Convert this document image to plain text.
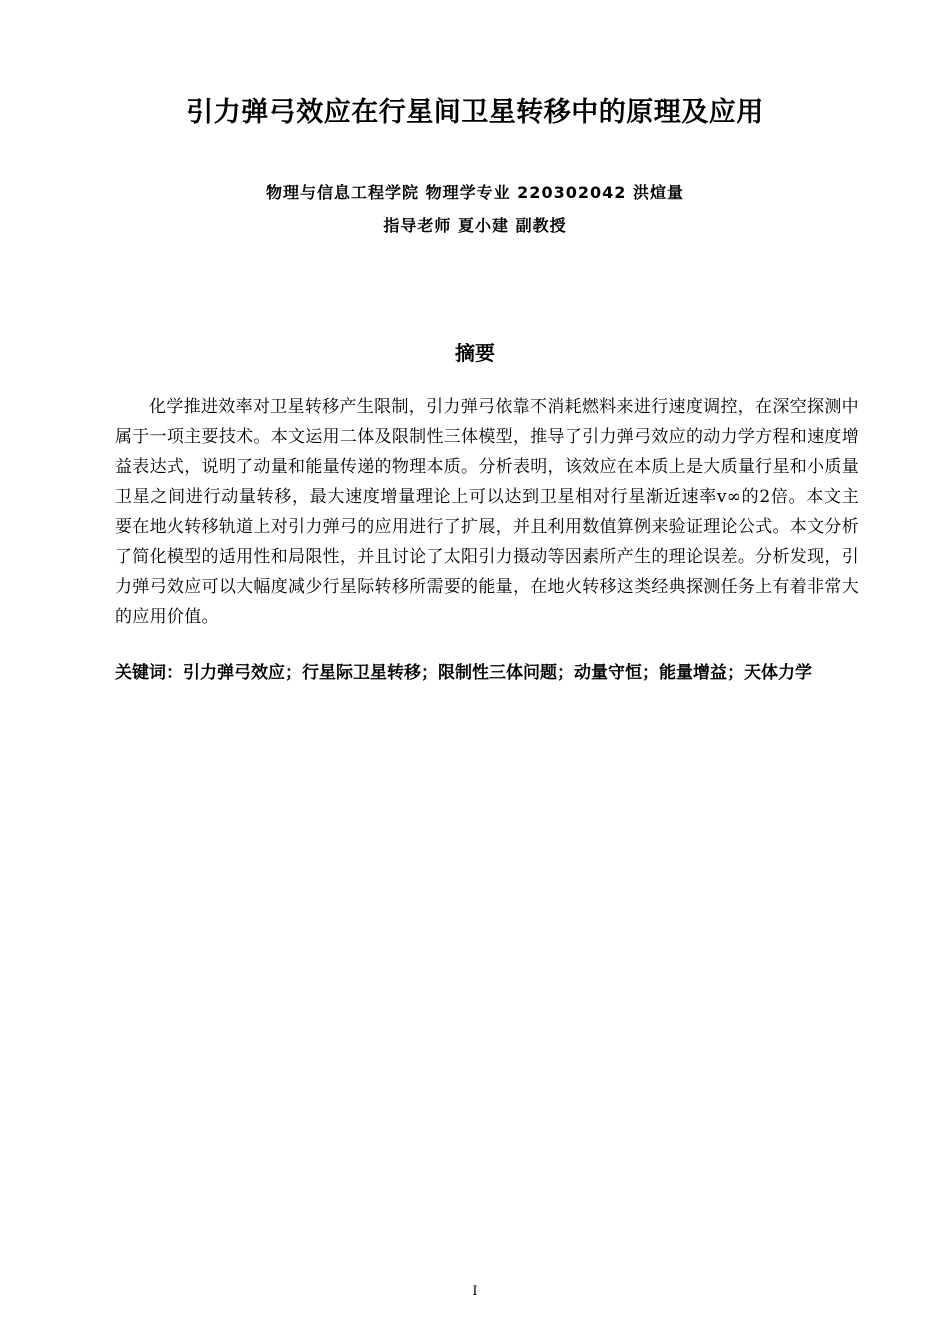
引力弹弓效应在行星间卫星转移中的原理及应用
物理与信息工程学院 物理学专业 220302042 洪煊量
指导老师 夏小建 副教授
摘要
化学推进效率对卫星转移产生限制，引力弹弓依靠不消耗燃料来进行速度调控，在深空探测中属于一项主要技术。本文运用二体及限制性三体模型，推导了引力弹弓效应的动力学方程和速度增益表达式，说明了动量和能量传递的物理本质。分析表明，该效应在本质上是大质量行星和小质量卫星之间进行动量转移，最大速度增量理论上可以达到卫星相对行星渐近速率v∞的2倍。本文主要在地火转移轨道上对引力弹弓的应用进行了扩展，并且利用数值算例来验证理论公式。本文分析了简化模型的适用性和局限性，并且讨论了太阳引力摄动等因素所产生的理论误差。分析发现，引力弹弓效应可以大幅度减少行星际转移所需要的能量，在地火转移这类经典探测任务上有着非常大的应用价值。
关键词：引力弹弓效应；行星际卫星转移；限制性三体问题；动量守恒；能量增益；天体力学
I
